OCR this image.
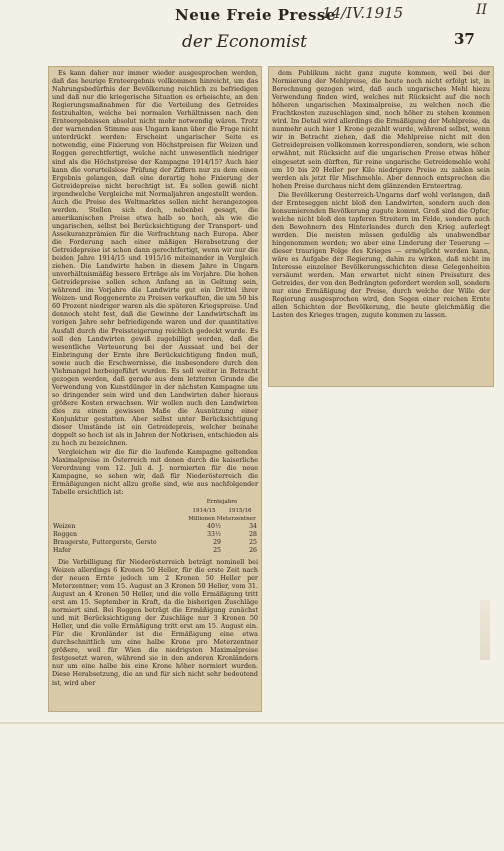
Neue Freie Presse
14/IV.1915	II
der Economist	37

Es kann daher nur immer wieder ausgesprochen werden, daß das heurige Ernteergebnis vollkommen hinreicht, um das Nahrungsbedürfnis der Bevölkerung reichlich zu befriedigen und daß nur die kriegerische Situation es erheischte, an den Regierungsmaßnahmen für die Verteilung des Getreides festzuhalten, welche bei normalen Verhältnissen nach den Ernteergebnissen absolut nicht mehr notwendig wären. Trotz der warnenden Stimme aus Ungarn kann über die Frage nicht unterdrückt werden: Erscheint ungarischer Seite es notwendig, eine Fixierung von Höchstpreisen für Weizen und Roggen gerechtfertigt, welche nicht unwesentlich niedriger sind als die Höchstpreise der Kampagne 1914/15? Auch hier kann die vorurteilslose Prüfung der Ziffern nur zu dem einen Ergebnis gelangen, daß eine derartig hohe Fixierung der Getreidepreise nicht berechtigt ist. Es sollen gewiß nicht irgendwelche Vergleiche mit Normaljahren angestellt werden. Auch die Preise des Weltmarktes sollen nicht herangezogen werden. Stellen sich doch, nebenbei gesagt, die amerikanischen Preise etwa halb so hoch, als wie die ungarischen, selbst bei Berücksichtigung der Transport- und Assekuranzprämien für die Verfrachtung nach Europa. Aber die Forderung nach einer mäßigen Herabsetzung der Getreidepreise ist schon dann gerechtfertigt, wenn wir nur die beiden Jahre 1914/15 und 1915/16 miteinander in Vergleich ziehen. Die Landwirte haben in diesem Jahre in Ungarn unverhältnismäßig bessere Erträge als im Vorjahre. Die hohen Getreidepreise sollen schon Anfang an in Geltung sein, während im Vorjahre die Landwirte gut ein Drittel ihrer Weizen- und Roggenernte zu Preisen verkauften, die um 50 bis 60 Prozent niedriger waren als die späteren Kriegspreise. Und dennoch steht fest, daß die Gewinne der Landwirtschaft im vorigen Jahre sehr befriedigende waren und der quantitative Ausfall durch die Preissteigerung reichlich gedeckt wurde. Es soll den Landwirten gewiß zugebilligt werden, daß die wesentliche Verteuerung bei der Aussaat und bei der Einbringung der Ernte ihre Berücksichtigung finden muß, sowie auch die Erschwernisse, die insbesondere durch den Viehmangel herbeigeführt wurden. Es soll weiter in Betracht gezogen werden, daß gerade aus dem letzteren Grunde die Verwendung von Kunstdünger in der nächsten Kampagne um so dringender sein wird und den Landwirten daher hieraus größere Kosten erwachsen. Wir wollen auch den Landwirten dies zu einem gewissen Maße die Ausnützung einer Konjunktur gestatten. Aber selbst unter Berücksichtigung dieser Umstände ist ein Getreidepreis, welcher beinahe doppelt so hoch ist als in Jahren der Notkrisen, entschieden als zu hoch zu bezeichnen.

Vergleichen wir die für die laufende Kampagne geltenden Maximalpreise in Österreich mit denen durch die kaiserliche Verordnung vom 12. Juli d. J. normierten für die neue Kampagne, so sehen wir, daß für Niederösterreich die Ermäßigungen nicht allzu große sind, wie aus nachfolgender Tabelle ersichtlich ist:

	Erntejahre	
	1914/15	1915/16
	Millionen Meterzentner	
Weizen	40½	34
Roggen	33½	28
Braugerste, Futtergerste, Gerste	29	25
Hafer	25	26

Die Verbilligung für Niederösterreich beträgt nominell bei Weizen allerdings 6 Kronen 50 Heller, für die erste Zeit nach der neuen Ernte jedoch um 2 Kronen 50 Heller per Meterzentner; vom 15. August an 3 Kronen 50 Heller, vom 31. August an 4 Kronen 50 Heller, und die volle Ermäßigung tritt erst am 15. September in Kraft, da die bisherigen Zuschläge normiert sind. Bei Roggen beträgt die Ermäßigung zunächst und mit Berücksichtigung der Zuschläge nur 3 Kronen 50 Heller, und die volle Ermäßigung tritt erst am 15. August ein. Für die Kronländer ist die Ermäßigung eine etwa durchschnittlich um eine halbe Krone pro Meterzentner größere, weil für Wien die niedrigsten Maximalpreise festgesetzt waren, während sie in den anderen Kronländern nur um eine halbe bis eine Krone höher normiert wurden. Diese Herabsetzung, die an und für sich nicht sehr bedeutend ist, wird aber

dem Publikum nicht ganz zugute kommen, weil bei der Normierung der Mehlpreise, die heute noch nicht erfolgt ist, in Berechnung gezogen wird, daß auch ungarisches Mehl hiezu Verwendung finden wird, welches mit Rücksicht auf die noch höheren ungarischen Maximalpreise, zu welchen noch die Frachtkosten zuzuschlagen sind, noch höher zu stehen kommen wird. Im Detail wird allerdings die Ermäßigung der Mehlpreise, da nunmehr auch hier 1 Krone gezahlt wurde, während selbst, wenn wir in Betracht ziehen, daß die Mehlpreise nicht mit den Getreidepreisen vollkommen korrespondieren, sondern, wie schon erwähnt, mit Rücksicht auf die ungarischen Preise etwas höher eingesetzt sein dürften, für reine ungarische Getreidemehle wohl um 10 bis 20 Heller per Kilo niedrigere Preise zu zahlen sein werden als jetzt für Mischmehle. Aber dennoch entsprechen die hohen Preise durchaus nicht dem glänzenden Ernteertrag.

Die Bevölkerung Oesterreich-Ungarns darf wohl verlangen, daß der Ernteseggen nicht bloß den Landwirten, sondern auch den konsumierenden Bevölkerung zugute kommt. Groß sind die Opfer, welche nicht bloß den tapferen Streitern im Felde, sondern auch den Bewohnern des Hinterlandes durch den Krieg auferlegt werden. Die meisten müssen geduldig als unabwendbar hingenommen werden; wo aber eine Linderung der Teuerung — dieser traurigen Folge des Krieges — ermöglicht werden kann, wäre es Aufgabe der Regierung, dahin zu wirken, daß nicht im Interesse einzelner Bevölkerungsschichten diese Gelegenheiten versäumt werden. Man erwartet nicht einen Preissturz des Getreides, der von den Bedrängten gefordert werden soll, sondern nur eine Ermäßigung der Preise, durch welche der Wille der Regierung ausgesprochen wird, den Segen einer reichen Ernte allen Schichten der Bevölkerung, die heute gleichmäßig die Lasten des Krieges tragen, zugute kommen zu lassen.
